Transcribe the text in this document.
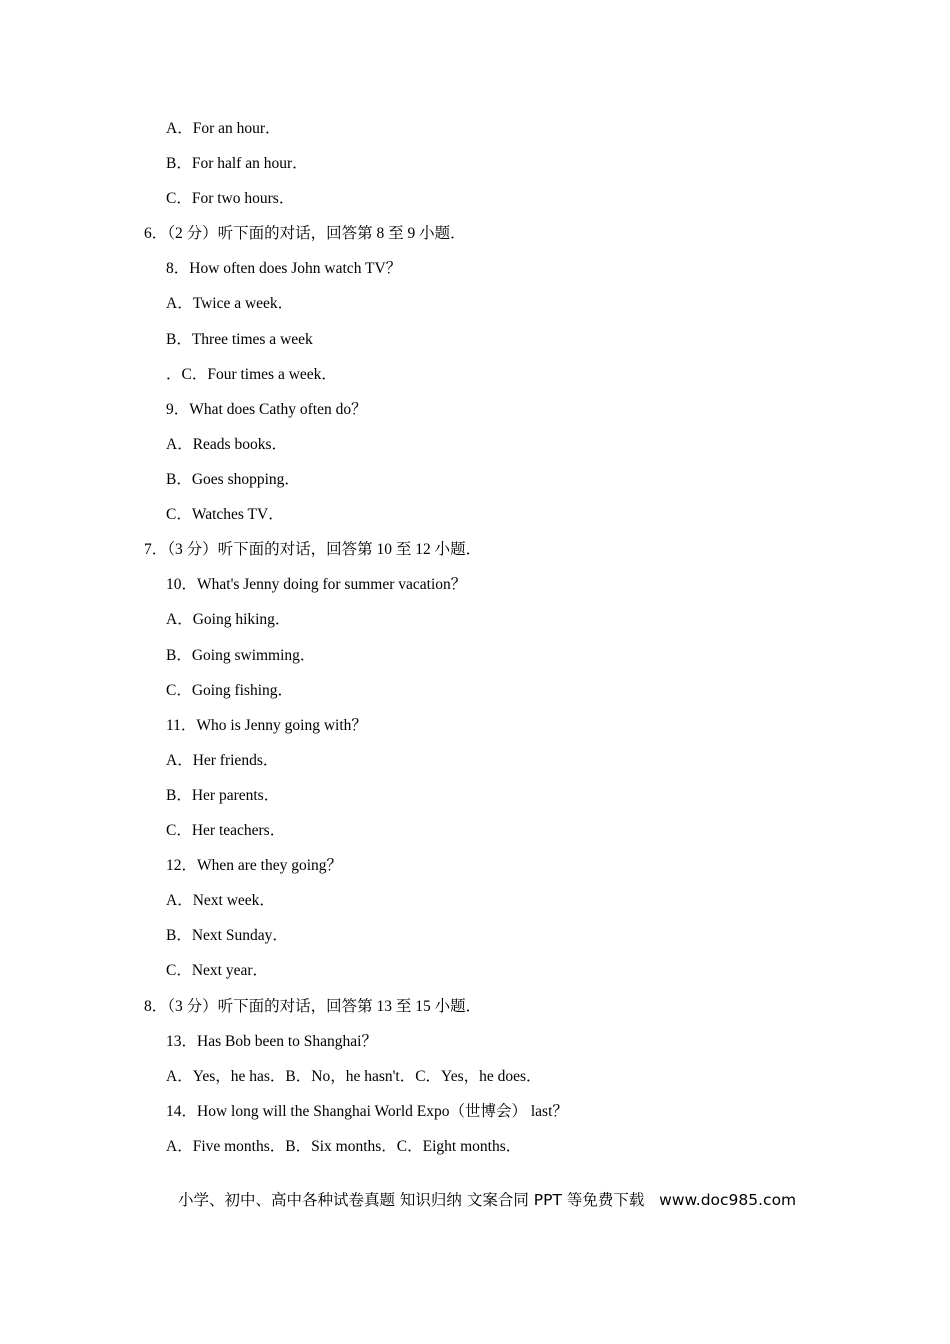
A．For an hour．
B．For half an hour．
C．For two hours．
6．（2 分）听下面的对话，回答第 8 至 9 小题．
8．How often does John watch TV？
A．Twice a week．
B．Three times a week
．C．Four times a week．
9．What does Cathy often do？
A．Reads books．
B．Goes shopping．
C．Watches TV．
7．（3 分）听下面的对话，回答第 10 至 12 小题．
10．What's Jenny doing for summer vacation？
A．Going hiking．
B．Going swimming．
C．Going fishing．
11．Who is Jenny going with？
A．Her friends．
B．Her parents．
C．Her teachers．
12．When are they going？
A．Next week．
B．Next Sunday．
C．Next year．
8．（3 分）听下面的对话，回答第 13 至 15 小题．
13．Has Bob been to Shanghai？
A．Yes，he has．B．No，he hasn't．C．Yes，he does．
14．How long will the Shanghai World Expo（世博会） last？
A．Five months．B．Six months．C．Eight months．
小学、初中、高中各种试卷真题 知识归纳 文案合同 PPT 等免费下载   www.doc985.com
